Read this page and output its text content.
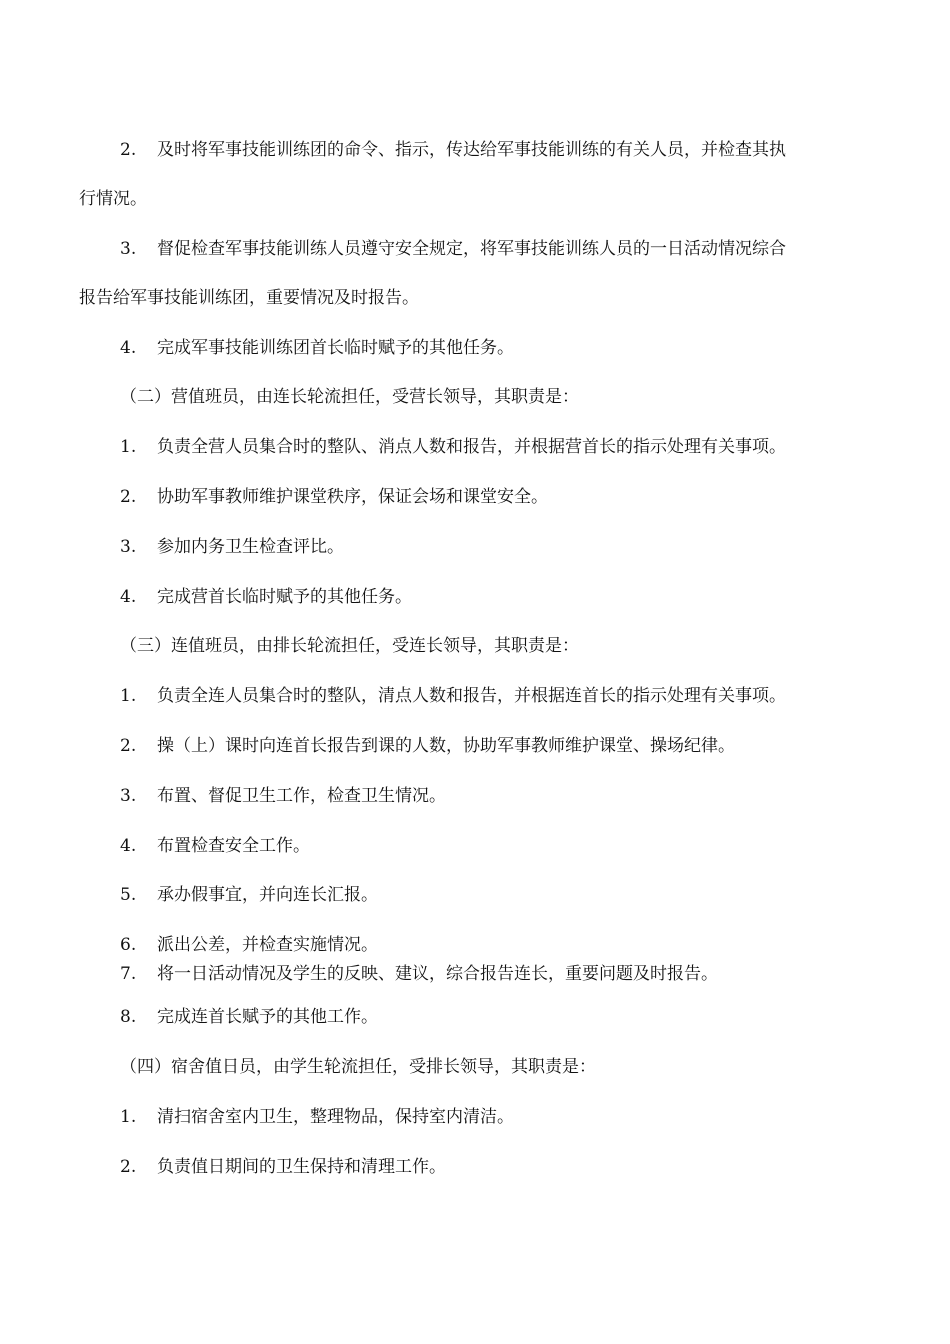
2. 及时将军事技能训练团的命令、指示，传达给军事技能训练的有关人员，并检查其执
行情况。
3. 督促检查军事技能训练人员遵守安全规定，将军事技能训练人员的一日活动情况综合
报告给军事技能训练团，重要情况及时报告。
4. 完成军事技能训练团首长临时赋予的其他任务。
（二）营值班员，由连长轮流担任，受营长领导，其职责是：
1. 负责全营人员集合时的整队、消点人数和报告，并根据营首长的指示处理有关事项。
2. 协助军事教师维护课堂秩序，保证会场和课堂安全。
3. 参加内务卫生检查评比。
4. 完成营首长临时赋予的其他任务。
（三）连值班员，由排长轮流担任，受连长领导，其职责是：
1. 负责全连人员集合时的整队，清点人数和报告，并根据连首长的指示处理有关事项。
2. 操（上）课时向连首长报告到课的人数，协助军事教师维护课堂、操场纪律。
3. 布置、督促卫生工作，检查卫生情况。
4. 布置检查安全工作。
5. 承办假事宜，并向连长汇报。
6. 派出公差，并检查实施情况。
7. 将一日活动情况及学生的反映、建议，综合报告连长，重要问题及时报告。
8. 完成连首长赋予的其他工作。
（四）宿舍值日员，由学生轮流担任，受排长领导，其职责是：
1. 清扫宿舍室内卫生，整理物品，保持室内清洁。
2. 负责值日期间的卫生保持和清理工作。
